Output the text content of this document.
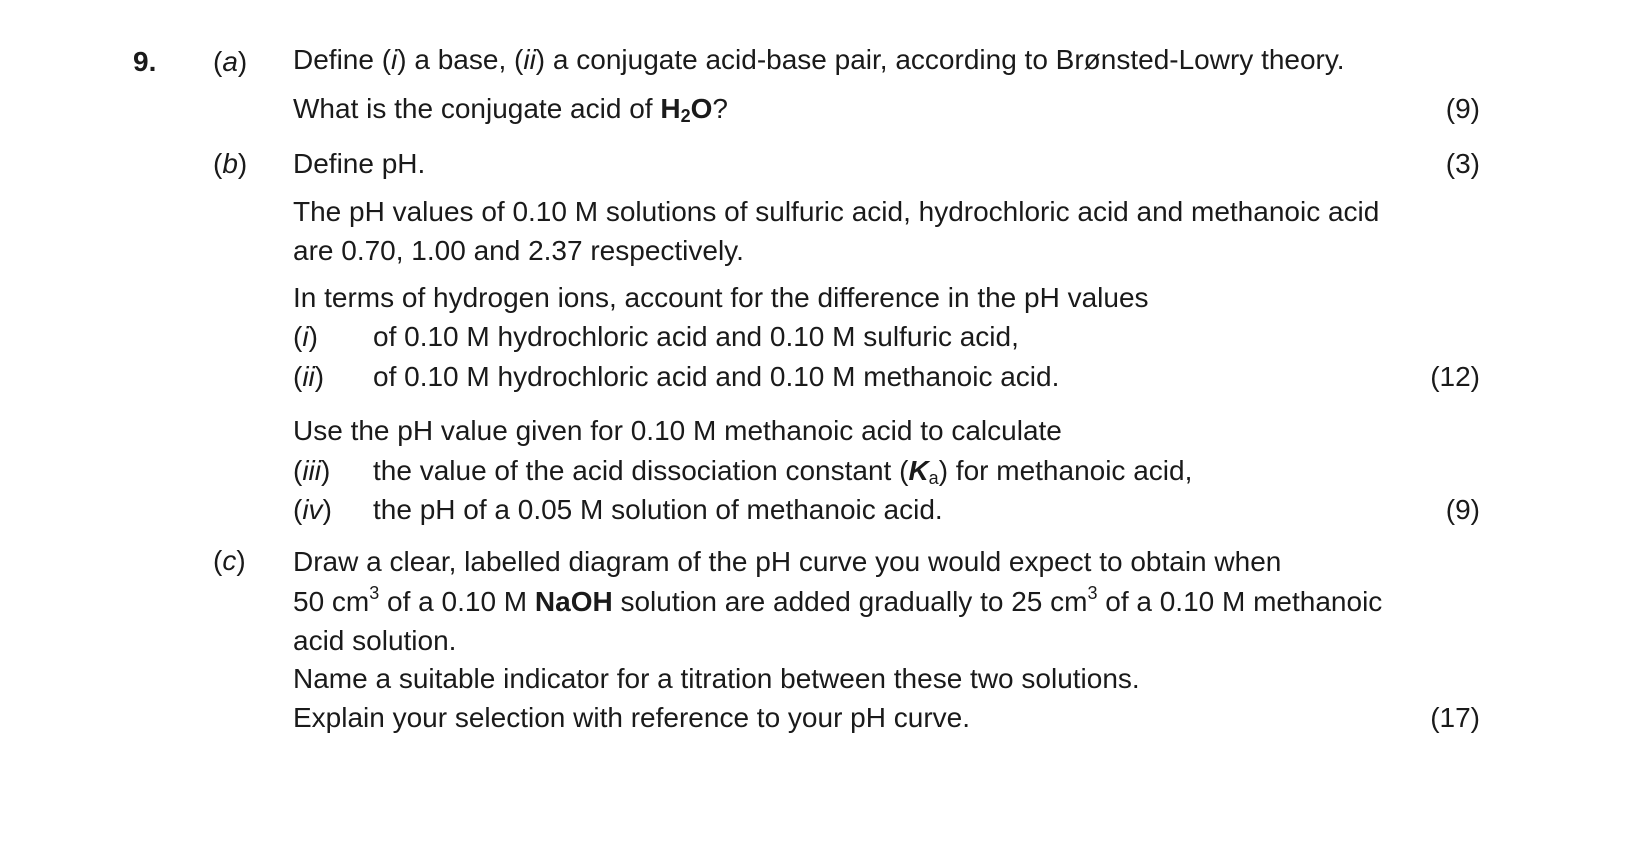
9. (a) Define (i) a base, (ii) a conjugate acid-base pair, according to Brønsted-Lowry theory.
What is the conjugate acid of $H_2O$?	(9)
(b) Define pH.	(3)
The pH values of 0.10 M solutions of sulfuric acid, hydrochloric acid and methanoic acid
are 0.70, 1.00 and 2.37 respectively.
In terms of hydrogen ions, account for the difference in the pH values
(i) of 0.10 M hydrochloric acid and 0.10 M sulfuric acid,
(ii) of 0.10 M hydrochloric acid and 0.10 M methanoic acid.	(12)
Use the pH value given for 0.10 M methanoic acid to calculate
(iii) the value of the acid dissociation constant $(K_a)$ for methanoic acid,
(iv) the pH of a 0.05 M solution of methanoic acid.	(9)
(c) Draw a clear, labelled diagram of the pH curve you would expect to obtain when
50 $cm^3$ of a 0.10 M NaOH solution are added gradually to 25 $cm^3$ of a 0.10 M methanoic
acid solution.
Name a suitable indicator for a titration between these two solutions.
Explain your selection with reference to your pH curve.	(17)
